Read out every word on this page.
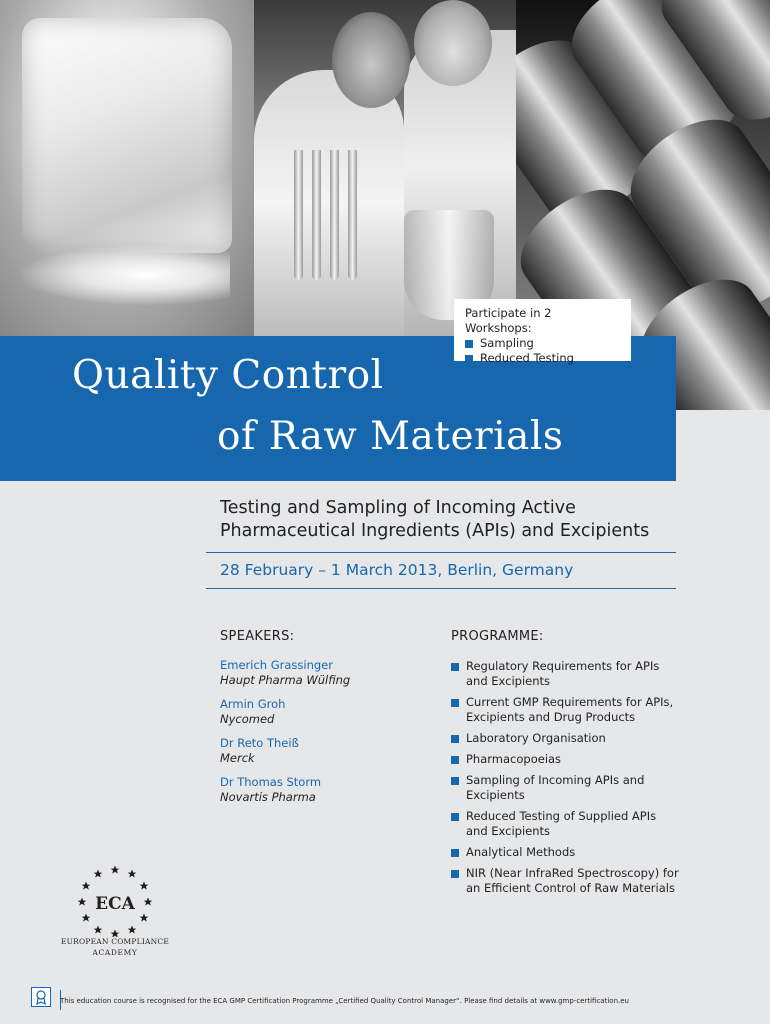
Quality Control
of Raw Materials
Participate in 2 Workshops:
Sampling
Reduced Testing
Testing and Sampling of Incoming Active
Pharmaceutical Ingredients (APIs) and Excipients
28 February – 1 March 2013, Berlin, Germany
SPEAKERS:
Emerich Grassinger
Haupt Pharma Wülfing
Armin Groh
Nycomed
Dr Reto Theiß
Merck
Dr Thomas Storm
Novartis Pharma
PROGRAMME:
Regulatory Requirements for APIs and Excipients
Current GMP Requirements for APIs, Excipients and Drug Products
Laboratory Organisation
Pharmacopoeias
Sampling of Incoming APIs and Excipients
Reduced Testing of Supplied APIs and Excipients
Analytical Methods
NIR (Near InfraRed Spectroscopy) for an Efficient Control of Raw Materials
ECA
EUROPEAN COMPLIANCE
ACADEMY
This education course is recognised for the ECA GMP Certification Programme „Certified Quality Control Manager“. Please find details at www.gmp-certification.eu
